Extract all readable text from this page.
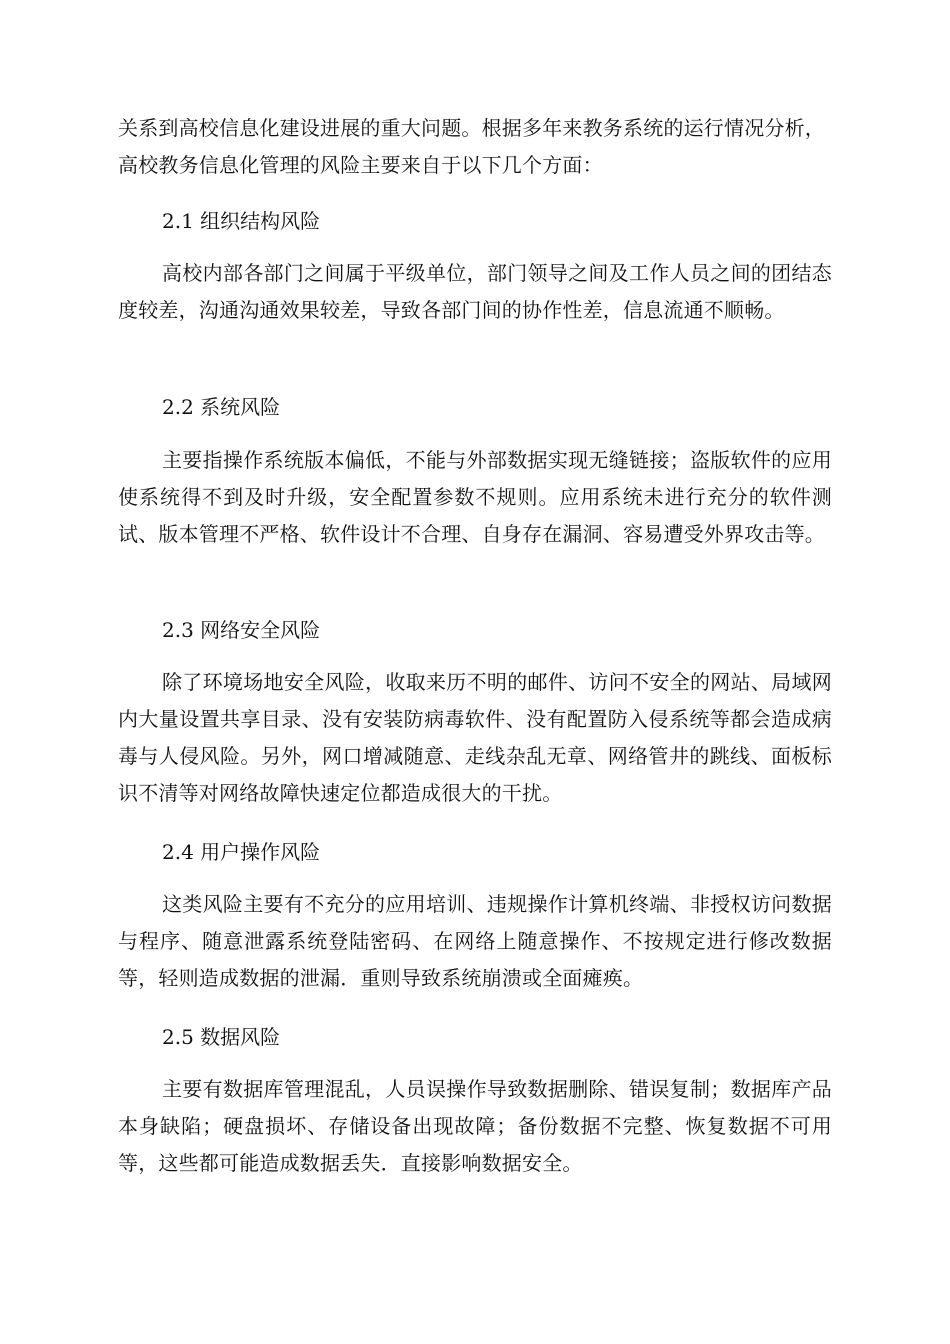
关系到高校信息化建设进展的重大问题。根据多年来教务系统的运行情况分析，高校教务信息化管理的风险主要来自于以下几个方面：
2.1 组织结构风险
高校内部各部门之间属于平级单位，部门领导之间及工作人员之间的团结态度较差，沟通沟通效果较差，导致各部门间的协作性差，信息流通不顺畅。
2.2 系统风险
主要指操作系统版本偏低，不能与外部数据实现无缝链接；盗版软件的应用使系统得不到及时升级，安全配置参数不规则。应用系统未进行充分的软件测试、版本管理不严格、软件设计不合理、自身存在漏洞、容易遭受外界攻击等。
2.3 网络安全风险
除了环境场地安全风险，收取来历不明的邮件、访问不安全的网站、局域网内大量设置共享目录、没有安装防病毒软件、没有配置防入侵系统等都会造成病毒与人侵风险。另外，网口增减随意、走线杂乱无章、网络管井的跳线、面板标识不清等对网络故障快速定位都造成很大的干扰。
2.4 用户操作风险
这类风险主要有不充分的应用培训、违规操作计算机终端、非授权访问数据与程序、随意泄露系统登陆密码、在网络上随意操作、不按规定进行修改数据等，轻则造成数据的泄漏．重则导致系统崩溃或全面瘫痪。
2.5 数据风险
主要有数据库管理混乱，人员误操作导致数据删除、错误复制；数据库产品本身缺陷；硬盘损坏、存储设备出现故障；备份数据不完整、恢复数据不可用等，这些都可能造成数据丢失．直接影响数据安全。
